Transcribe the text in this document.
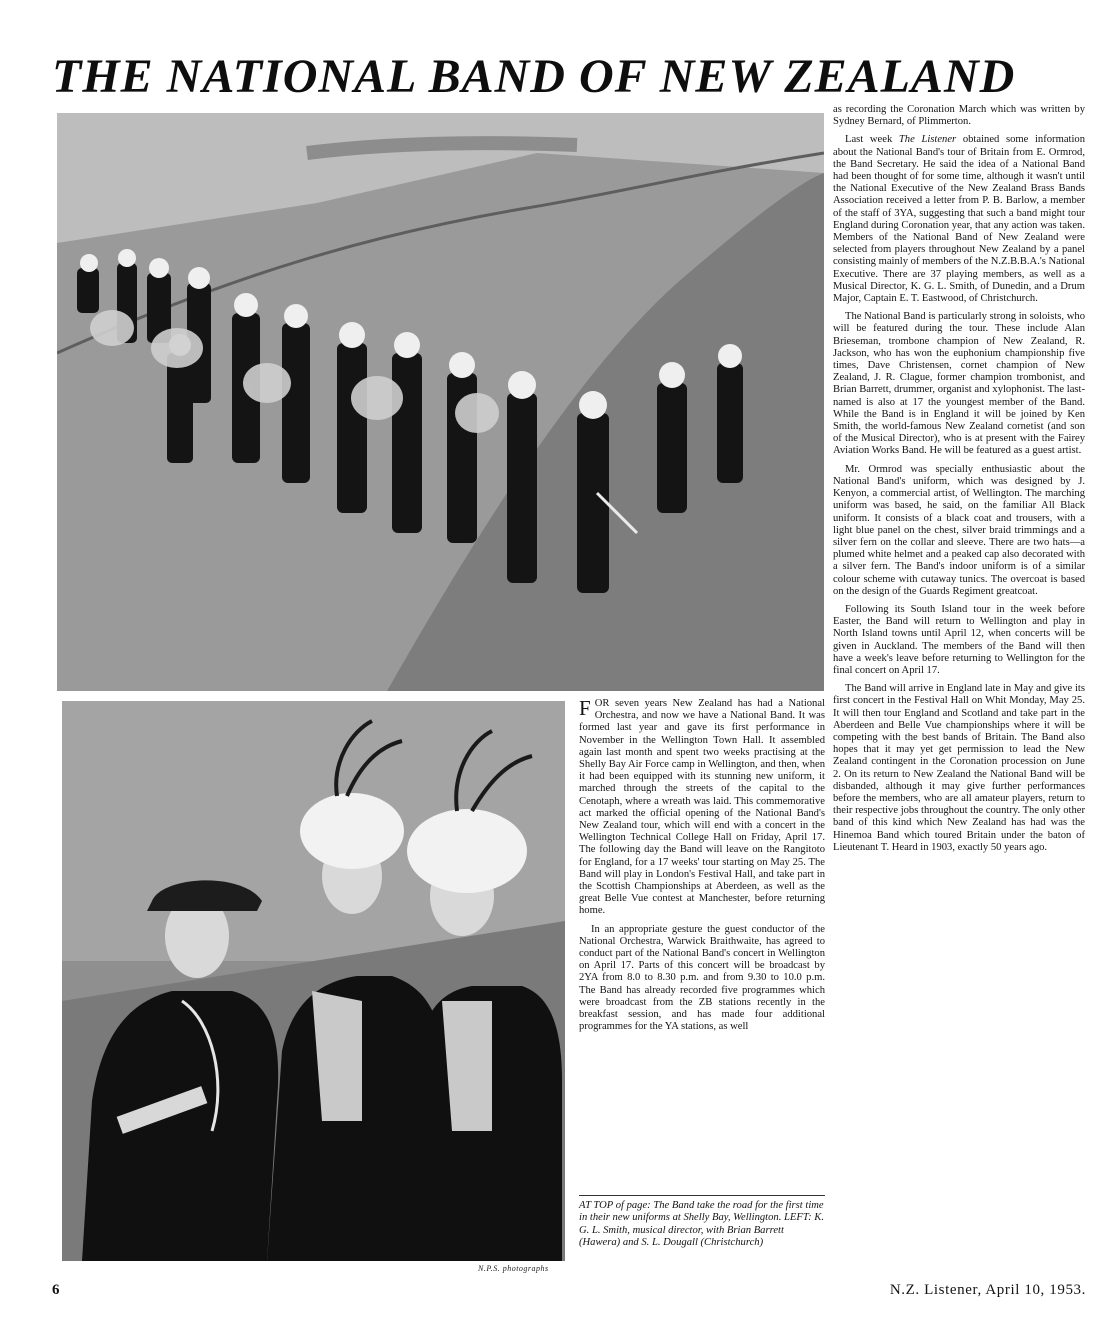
THE NATIONAL BAND OF NEW ZEALAND
N.P.S. photographs

FOR seven years New Zealand has had a National Orchestra, and now we have a National Band. It was formed last year and gave its first performance in November in the Wellington Town Hall. It assembled again last month and spent two weeks practising at the Shelly Bay Air Force camp in Wellington, and then, when it had been equipped with its stunning new uniform, it marched through the streets of the capital to the Cenotaph, where a wreath was laid. This commemorative act marked the official opening of the National Band's New Zealand tour, which will end with a concert in the Wellington Technical College Hall on Friday, April 17. The following day the Band will leave on the Rangitoto for England, for a 17 weeks' tour starting on May 25. The Band will play in London's Festival Hall, and take part in the Scottish Championships at Aberdeen, as well as the great Belle Vue contest at Manchester, before returning home.

In an appropriate gesture the guest conductor of the National Orchestra, Warwick Braithwaite, has agreed to conduct part of the National Band's concert in Wellington on April 17. Parts of this concert will be broadcast by 2YA from 8.0 to 8.30 p.m. and from 9.30 to 10.0 p.m. The Band has already recorded five programmes which were broadcast from the ZB stations recently in the breakfast session, and has made four additional programmes for the YA stations, as well

AT TOP of page: The Band take the road for the first time in their new uniforms at Shelly Bay, Wellington. LEFT: K. G. L. Smith, musical director, with Brian Barrett (Hawera) and S. L. Dougall (Christchurch)

as recording the Coronation March which was written by Sydney Bernard, of Plimmerton.

Last week The Listener obtained some information about the National Band's tour of Britain from E. Ormrod, the Band Secretary. He said the idea of a National Band had been thought of for some time, although it wasn't until the National Executive of the New Zealand Brass Bands Association received a letter from P. B. Barlow, a member of the staff of 3YA, suggesting that such a band might tour England during Coronation year, that any action was taken. Members of the National Band of New Zealand were selected from players throughout New Zealand by a panel consisting mainly of members of the N.Z.B.B.A.'s National Executive. There are 37 playing members, as well as a Musical Director, K. G. L. Smith, of Dunedin, and a Drum Major, Captain E. T. Eastwood, of Christchurch.

The National Band is particularly strong in soloists, who will be featured during the tour. These include Alan Brieseman, trombone champion of New Zealand, R. Jackson, who has won the euphonium championship five times, Dave Christensen, cornet champion of New Zealand, J. R. Clague, former champion trombonist, and Brian Barrett, drummer, organist and xylophonist. The last-named is also at 17 the youngest member of the Band. While the Band is in England it will be joined by Ken Smith, the world-famous New Zealand cornetist (and son of the Musical Director), who is at present with the Fairey Aviation Works Band. He will be featured as a guest artist.

Mr. Ormrod was specially enthusiastic about the National Band's uniform, which was designed by J. Kenyon, a commercial artist, of Wellington. The marching uniform was based, he said, on the familiar All Black uniform. It consists of a black coat and trousers, with a light blue panel on the chest, silver braid trimmings and a silver fern on the collar and sleeve. There are two hats—a plumed white helmet and a peaked cap also decorated with a silver fern. The Band's indoor uniform is of a similar colour scheme with cutaway tunics. The overcoat is based on the design of the Guards Regiment greatcoat.

Following its South Island tour in the week before Easter, the Band will return to Wellington and play in North Island towns until April 12, when concerts will be given in Auckland. The members of the Band will then have a week's leave before returning to Wellington for the final concert on April 17.

The Band will arrive in England late in May and give its first concert in the Festival Hall on Whit Monday, May 25. It will then tour England and Scotland and take part in the Aberdeen and Belle Vue championships where it will be competing with the best bands of Britain. The Band also hopes that it may yet get permission to lead the New Zealand contingent in the Coronation procession on June 2. On its return to New Zealand the National Band will be disbanded, although it may give further performances before the members, who are all amateur players, return to their respective jobs throughout the country. The only other band of this kind which New Zealand has had was the Hinemoa Band which toured Britain under the baton of Lieutenant T. Heard in 1903, exactly 50 years ago.

6	N.Z. Listener, April 10, 1953.
